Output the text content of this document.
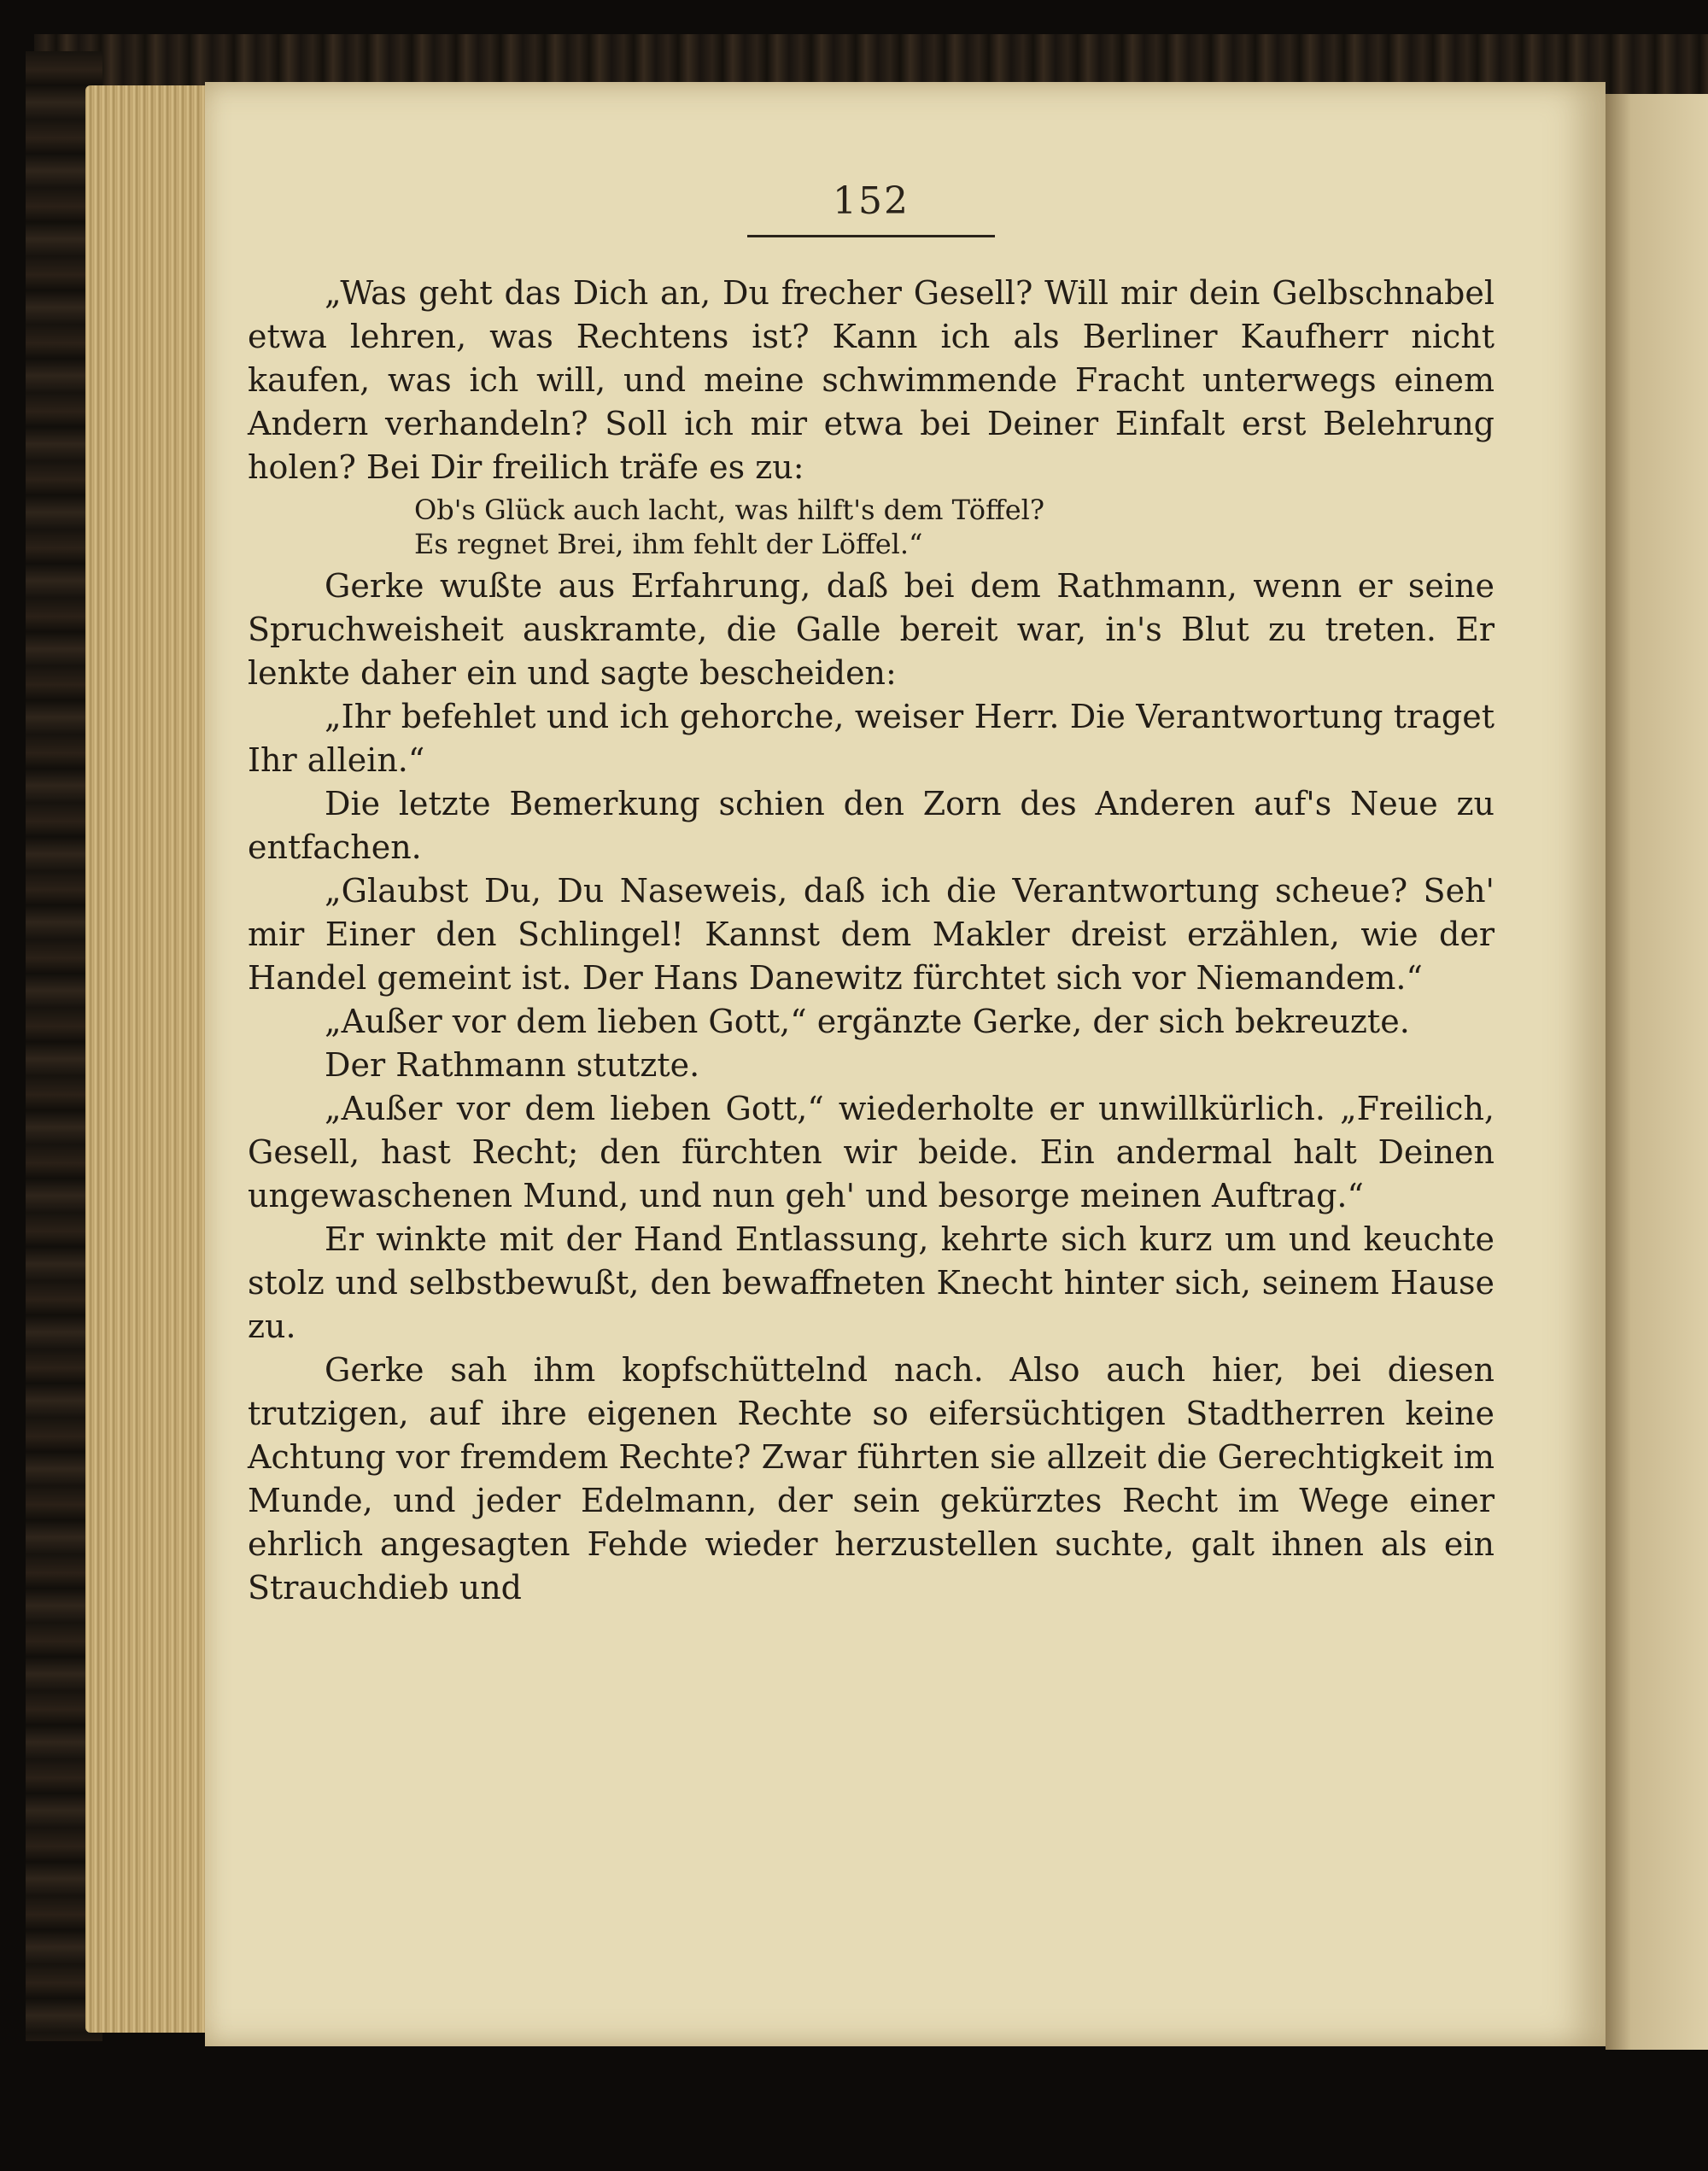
152

„Was geht das Dich an, Du frecher Gesell? Will mir dein Gelbschnabel etwa lehren, was Rechtens ist? Kann ich als Berliner Kaufherr nicht kaufen, was ich will, und meine schwimmende Fracht unterwegs einem Andern verhandeln? Soll ich mir etwa bei Deiner Einfalt erst Belehrung holen? Bei Dir freilich träfe es zu:

Ob's Glück auch lacht, was hilft's dem Töffel?
Es regnet Brei, ihm fehlt der Löffel.“

Gerke wußte aus Erfahrung, daß bei dem Rathmann, wenn er seine Spruchweisheit auskramte, die Galle bereit war, in's Blut zu treten. Er lenkte daher ein und sagte bescheiden:

„Ihr befehlet und ich gehorche, weiser Herr. Die Verantwortung traget Ihr allein.“

Die letzte Bemerkung schien den Zorn des Anderen auf's Neue zu entfachen.

„Glaubst Du, Du Naseweis, daß ich die Verantwortung scheue? Seh' mir Einer den Schlingel! Kannst dem Makler dreist erzählen, wie der Handel gemeint ist. Der Hans Danewitz fürchtet sich vor Niemandem.“

„Außer vor dem lieben Gott,“ ergänzte Gerke, der sich bekreuzte.

Der Rathmann stutzte.

„Außer vor dem lieben Gott,“ wiederholte er unwillkürlich. „Freilich, Gesell, hast Recht; den fürchten wir beide. Ein andermal halt Deinen ungewaschenen Mund, und nun geh' und besorge meinen Auftrag.“

Er winkte mit der Hand Entlassung, kehrte sich kurz um und keuchte stolz und selbstbewußt, den bewaffneten Knecht hinter sich, seinem Hause zu.

Gerke sah ihm kopfschüttelnd nach. Also auch hier, bei diesen trutzigen, auf ihre eigenen Rechte so eifersüchtigen Stadtherren keine Achtung vor fremdem Rechte? Zwar führten sie allzeit die Gerechtigkeit im Munde, und jeder Edelmann, der sein gekürztes Recht im Wege einer ehrlich angesagten Fehde wieder herzustellen suchte, galt ihnen als ein Strauchdieb und
